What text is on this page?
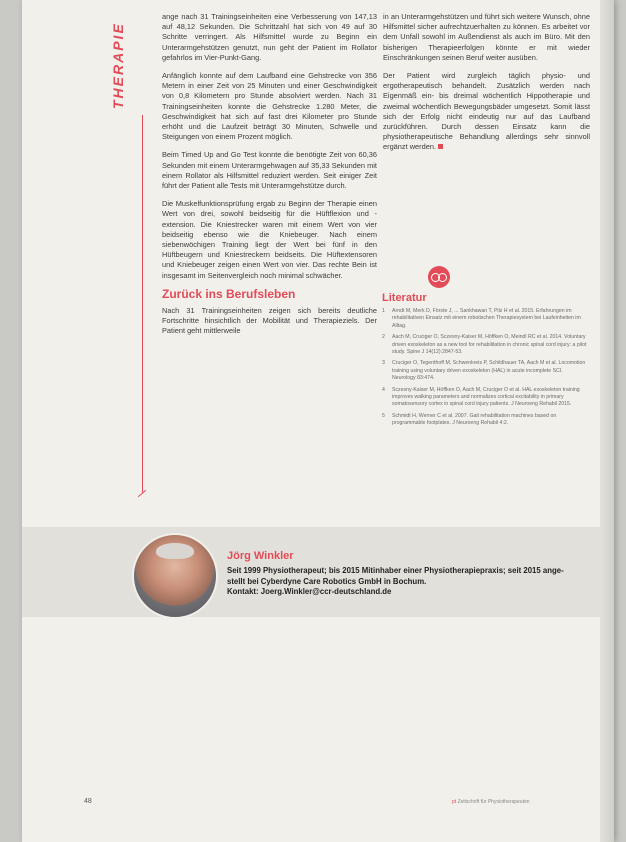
THERAPIE

ange nach 31 Trainingseinheiten eine Verbesserung von 147,13 auf 48,12 Sekunden. Die Schrittzahl hat sich von 49 auf 30 Schritte verringert. Als Hilfsmittel wurde zu Beginn ein Unterarmgehstützen genutzt, nun geht der Patient im Rollator gefahrlos im Vier-Punkt-Gang.

Anfänglich konnte auf dem Laufband eine Gehstrecke von 356 Metern in einer Zeit von 25 Minuten und einer Geschwindigkeit von 0,8 Kilometern pro Stunde absolviert werden. Nach 31 Trainingseinheiten konnte die Gehstrecke 1.280 Meter, die Geschwindigkeit hat sich auf fast drei Kilometer pro Stunde erhöht und die Laufzeit beträgt 30 Minuten, Schwelle und Steigungen von einem Prozent möglich.

Beim Timed Up and Go Test konnte die benötigte Zeit von 60,36 Sekunden mit einem Unterarmgehwagen auf 35,33 Sekunden mit einem Rollator als Hilfsmittel reduziert werden. Seit einiger Zeit führt der Patient alle Tests mit Unterarmgehstütze durch.

Die Muskelfunktionsprüfung ergab zu Beginn der Therapie einen Wert von drei, sowohl beidseitig für die Hüftflexion und -extension. Die Kniestrecker waren mit einem Wert von vier beidseitig ebenso wie die Kniebeuger. Nach einem siebenwöchigen Training liegt der Wert bei fünf in den Hüftbeugern und Kniestreckern beidseits. Die Hüftextensoren und Kniebeuger zeigen einen Wert von vier. Das rechte Bein ist insgesamt im Seitenvergleich noch minimal schwächer.

Zurück ins Berufsleben

Nach 31 Trainingseinheiten zeigen sich bereits deutliche Fortschritte hinsichtlich der Mobilität und Therapieziels. Der Patient geht mittlerweile

in an Unterarmgehstützen und führt sich weitere Wunsch, ohne Hilfsmittel sicher aufrechtzuerhalten zu können. Es arbeitet vor dem Unfall sowohl im Außendienst als auch im Büro. Mit den bisherigen Therapieerfolgen könnte er mit wieder Einschränkungen seinen Beruf weiter ausüben.

Der Patient wird zurgleich täglich physio- und ergotherapeutisch behandelt. Zusätzlich werden nach Eigenmäß ein- bis dreimal wöchentlich Hippotherapie und zweimal wöchentlich Bewegungsbäder umgesetzt. Somit lässt sich der Erfolg nicht eindeutig nur auf das Laufband zurückführen. Durch dessen Einsatz kann die physiotherapeutische Behandlung allerdings sehr sinnvoll ergänzt werden.

Literatur
1 Arndt M, Merk D, Förste J, ... Sankhawan T, Pilz H et al. 2015. Erfahrungen im rehabilitativen Einsatz mit einem robotischen Therapiesystem bei Laufeinheiten im Alltag.
2 Aach M, Cruciger O, Sczesny-Kaiser M, Höffken O, Meindl RC et al. 2014. Voluntary driven exoskeleton as a new tool for rehabilitation in chronic spinal cord injury: a pilot study. Spine J 14(12):2847-53.
3 Cruciger O, Tegenthoff M, Schwenkreis P, Schildhauer TA, Aach M et al. Locomotion training using voluntary driven exoskeleton (HAL) in acute incomplete SCI. Neurology 83:474.
4 Sczesny-Kaiser M, Höffken O, Aach M, Cruciger O et al. HAL exoskeleton training improves walking parameters and normalizes cortical excitability in primary somatosensory cortex in spinal cord injury patients. J Neuroeng Rehabil 2015.
5 Schmidt H, Werner C et al. 2007. Gait rehabilitation machines based on programmable footplates. J Neuroeng Rehabil 4:2.
Jörg Winkler
Seit 1999 Physiotherapeut; bis 2015 Mitinhaber einer Physiotherapiepraxis; seit 2015 ange-
stellt bei Cyberdyne Care Robotics GmbH in Bochum.
Kontakt: Joerg.Winkler@ccr-deutschland.de
48	pt Zeitschrift für Physiotherapeuten
